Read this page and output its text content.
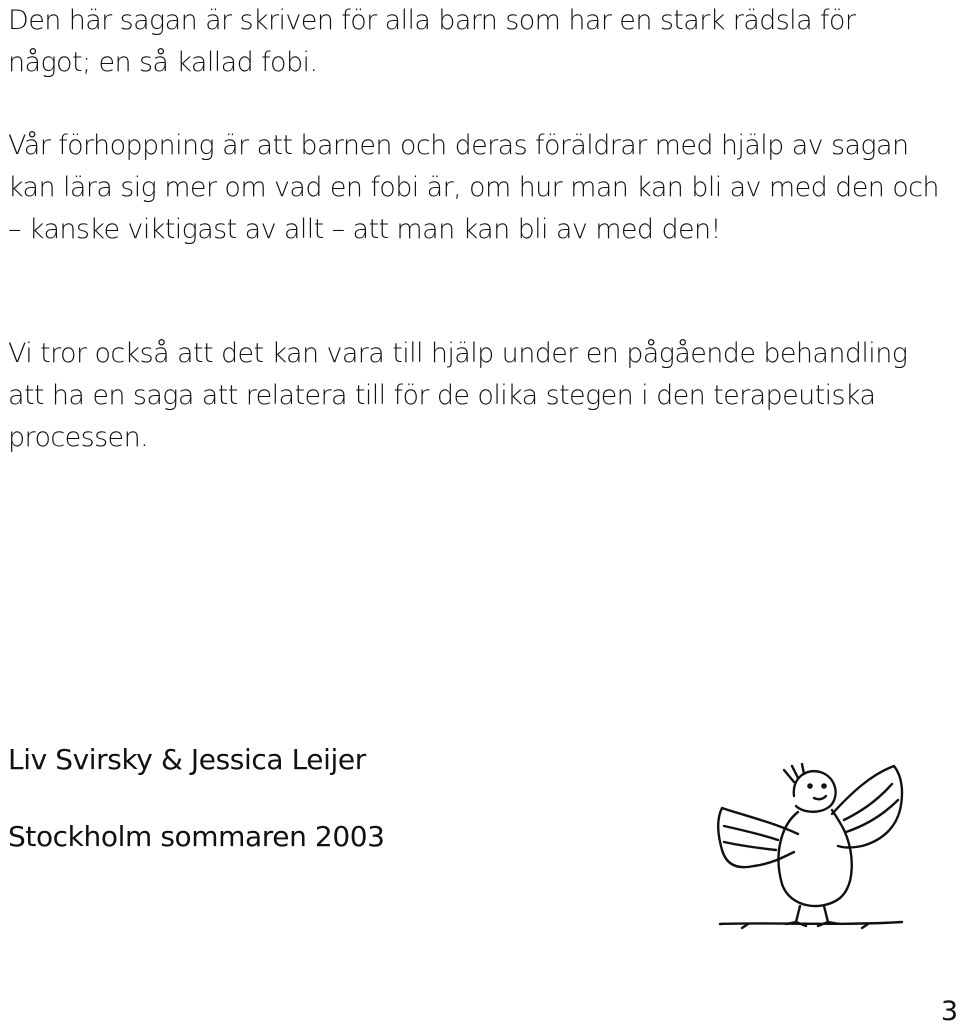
Den här sagan är skriven för alla barn som har en stark rädsla för något; en så kallad fobi.

Vår förhoppning är att barnen och deras föräldrar med hjälp av sagan kan lära sig mer om vad en fobi är, om hur man kan bli av med den och – kanske viktigast av allt – att man kan bli av med den!

Vi tror också att det kan vara till hjälp under en pågående behandling att ha en saga att relatera till för de olika stegen i den terapeutiska processen.

Liv Svirsky & Jessica Leijer

Stockholm sommaren 2003

3
